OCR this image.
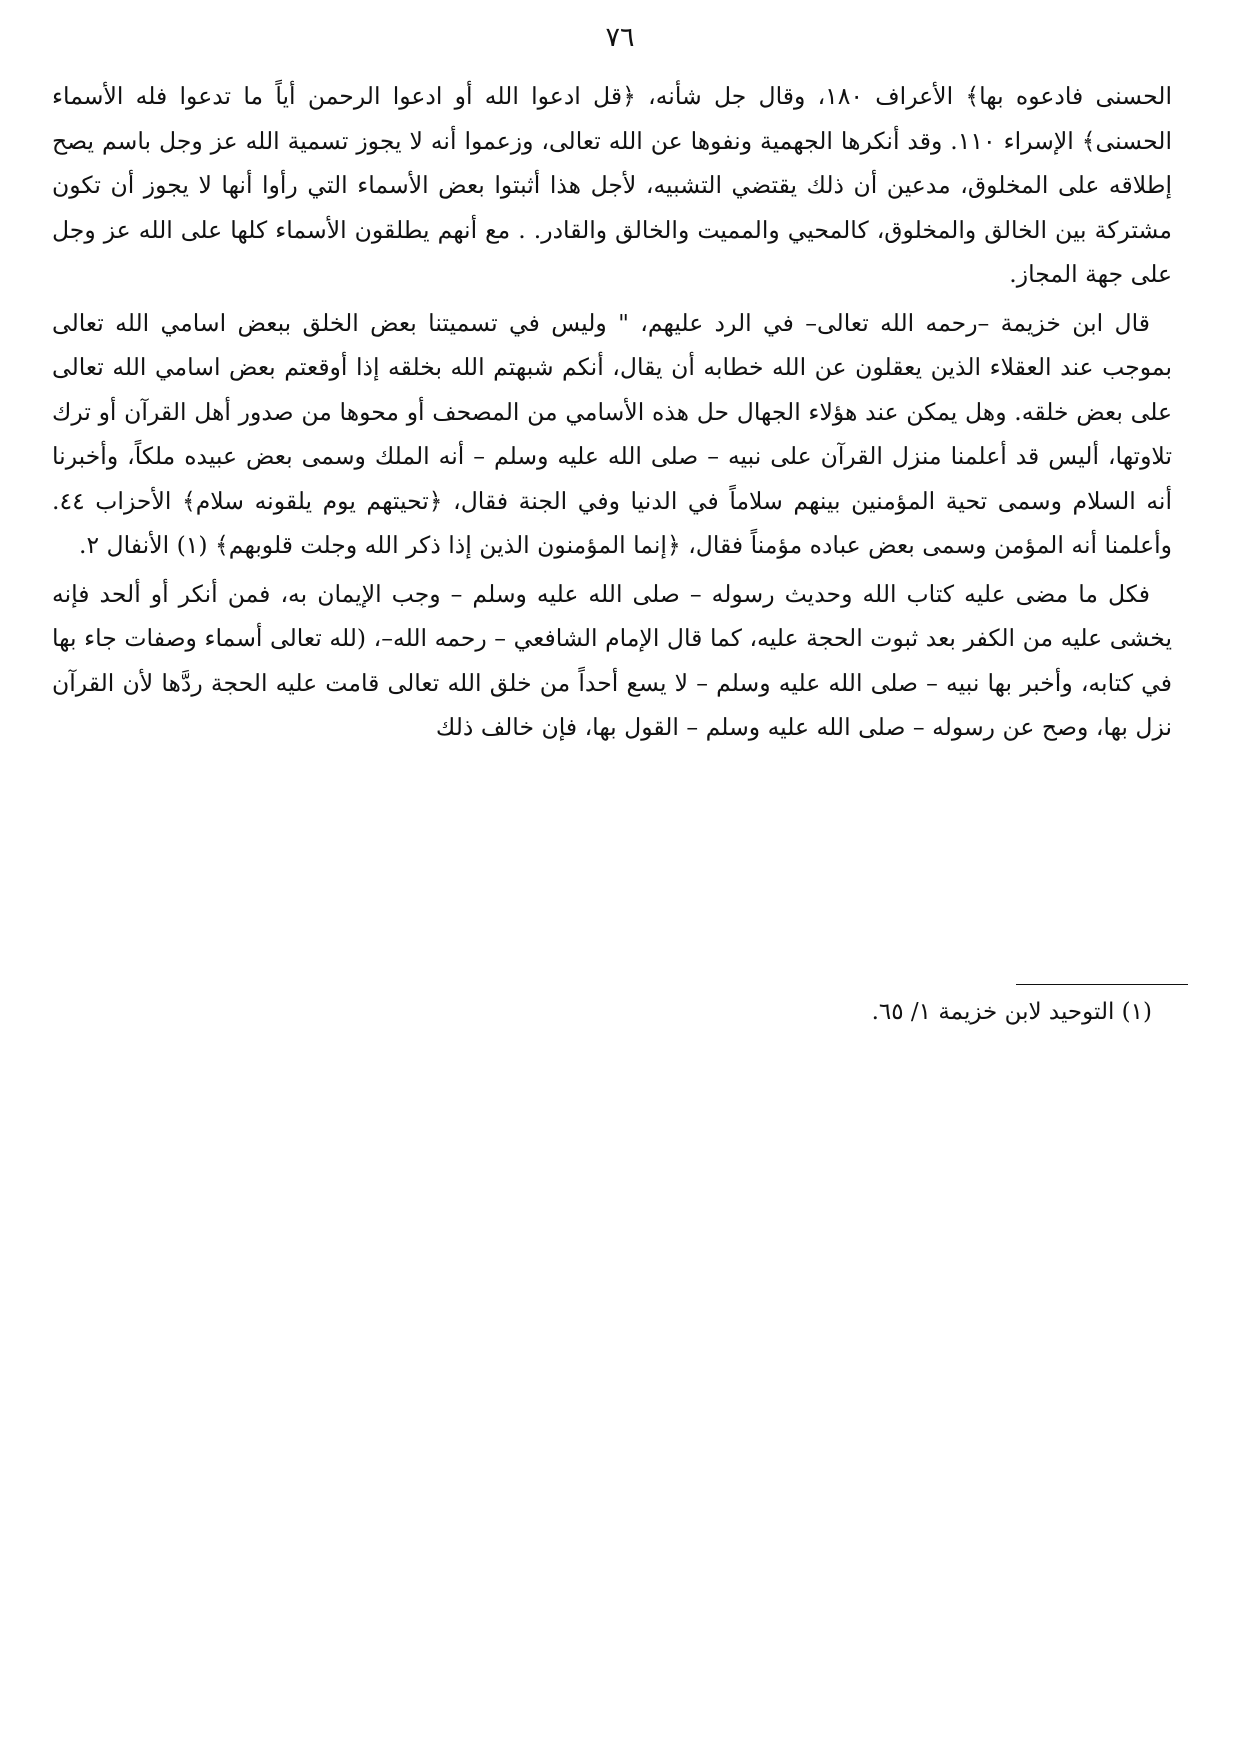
٧٦

الحسنى فادعوه بها﴾ الأعراف ١٨٠، وقال جل شأنه، ﴿قل ادعوا الله أو ادعوا الرحمن أياً ما تدعوا فله الأسماء الحسنى﴾ الإسراء ١١٠. وقد أنكرها الجهمية ونفوها عن الله تعالى، وزعموا أنه لا يجوز تسمية الله عز وجل باسم يصح إطلاقه على المخلوق، مدعين أن ذلك يقتضي التشبيه، لأجل هذا أثبتوا بعض الأسماء التي رأوا أنها لا يجوز أن تكون مشتركة بين الخالق والمخلوق، كالمحيي والمميت والخالق والقادر. . مع أنهم يطلقون الأسماء كلها على الله عز وجل على جهة المجاز.

قال ابن خزيمة –رحمه الله تعالى– في الرد عليهم، " وليس في تسميتنا بعض الخلق ببعض اسامي الله تعالى بموجب عند العقلاء الذين يعقلون عن الله خطابه أن يقال، أنكم شبهتم الله بخلقه إذا أوقعتم بعض اسامي الله تعالى على بعض خلقه. وهل يمكن عند هؤلاء الجهال حل هذه الأسامي من المصحف أو محوها من صدور أهل القرآن أو ترك تلاوتها، أليس قد أعلمنا منزل القرآن على نبيه – صلى الله عليه وسلم – أنه الملك وسمى بعض عبيده ملكاً، وأخبرنا أنه السلام وسمى تحية المؤمنين بينهم سلاماً في الدنيا وفي الجنة فقال، ﴿تحيتهم يوم يلقونه سلام﴾ الأحزاب ٤٤. وأعلمنا أنه المؤمن وسمى بعض عباده مؤمناً فقال، ﴿إنما المؤمنون الذين إذا ذكر الله وجلت قلوبهم﴾ (١) الأنفال ٢.

فكل ما مضى عليه كتاب الله وحديث رسوله – صلى الله عليه وسلم – وجب الإيمان به، فمن أنكر أو ألحد فإنه يخشى عليه من الكفر بعد ثبوت الحجة عليه، كما قال الإمام الشافعي – رحمه الله–، (لله تعالى أسماء وصفات جاء بها في كتابه، وأخبر بها نبيه – صلى الله عليه وسلم – لا يسع أحداً من خلق الله تعالى قامت عليه الحجة ردَّها لأن القرآن نزل بها، وصح عن رسوله – صلى الله عليه وسلم – القول بها، فإن خالف ذلك

(١) التوحيد لابن خزيمة ١/ ٦٥.
